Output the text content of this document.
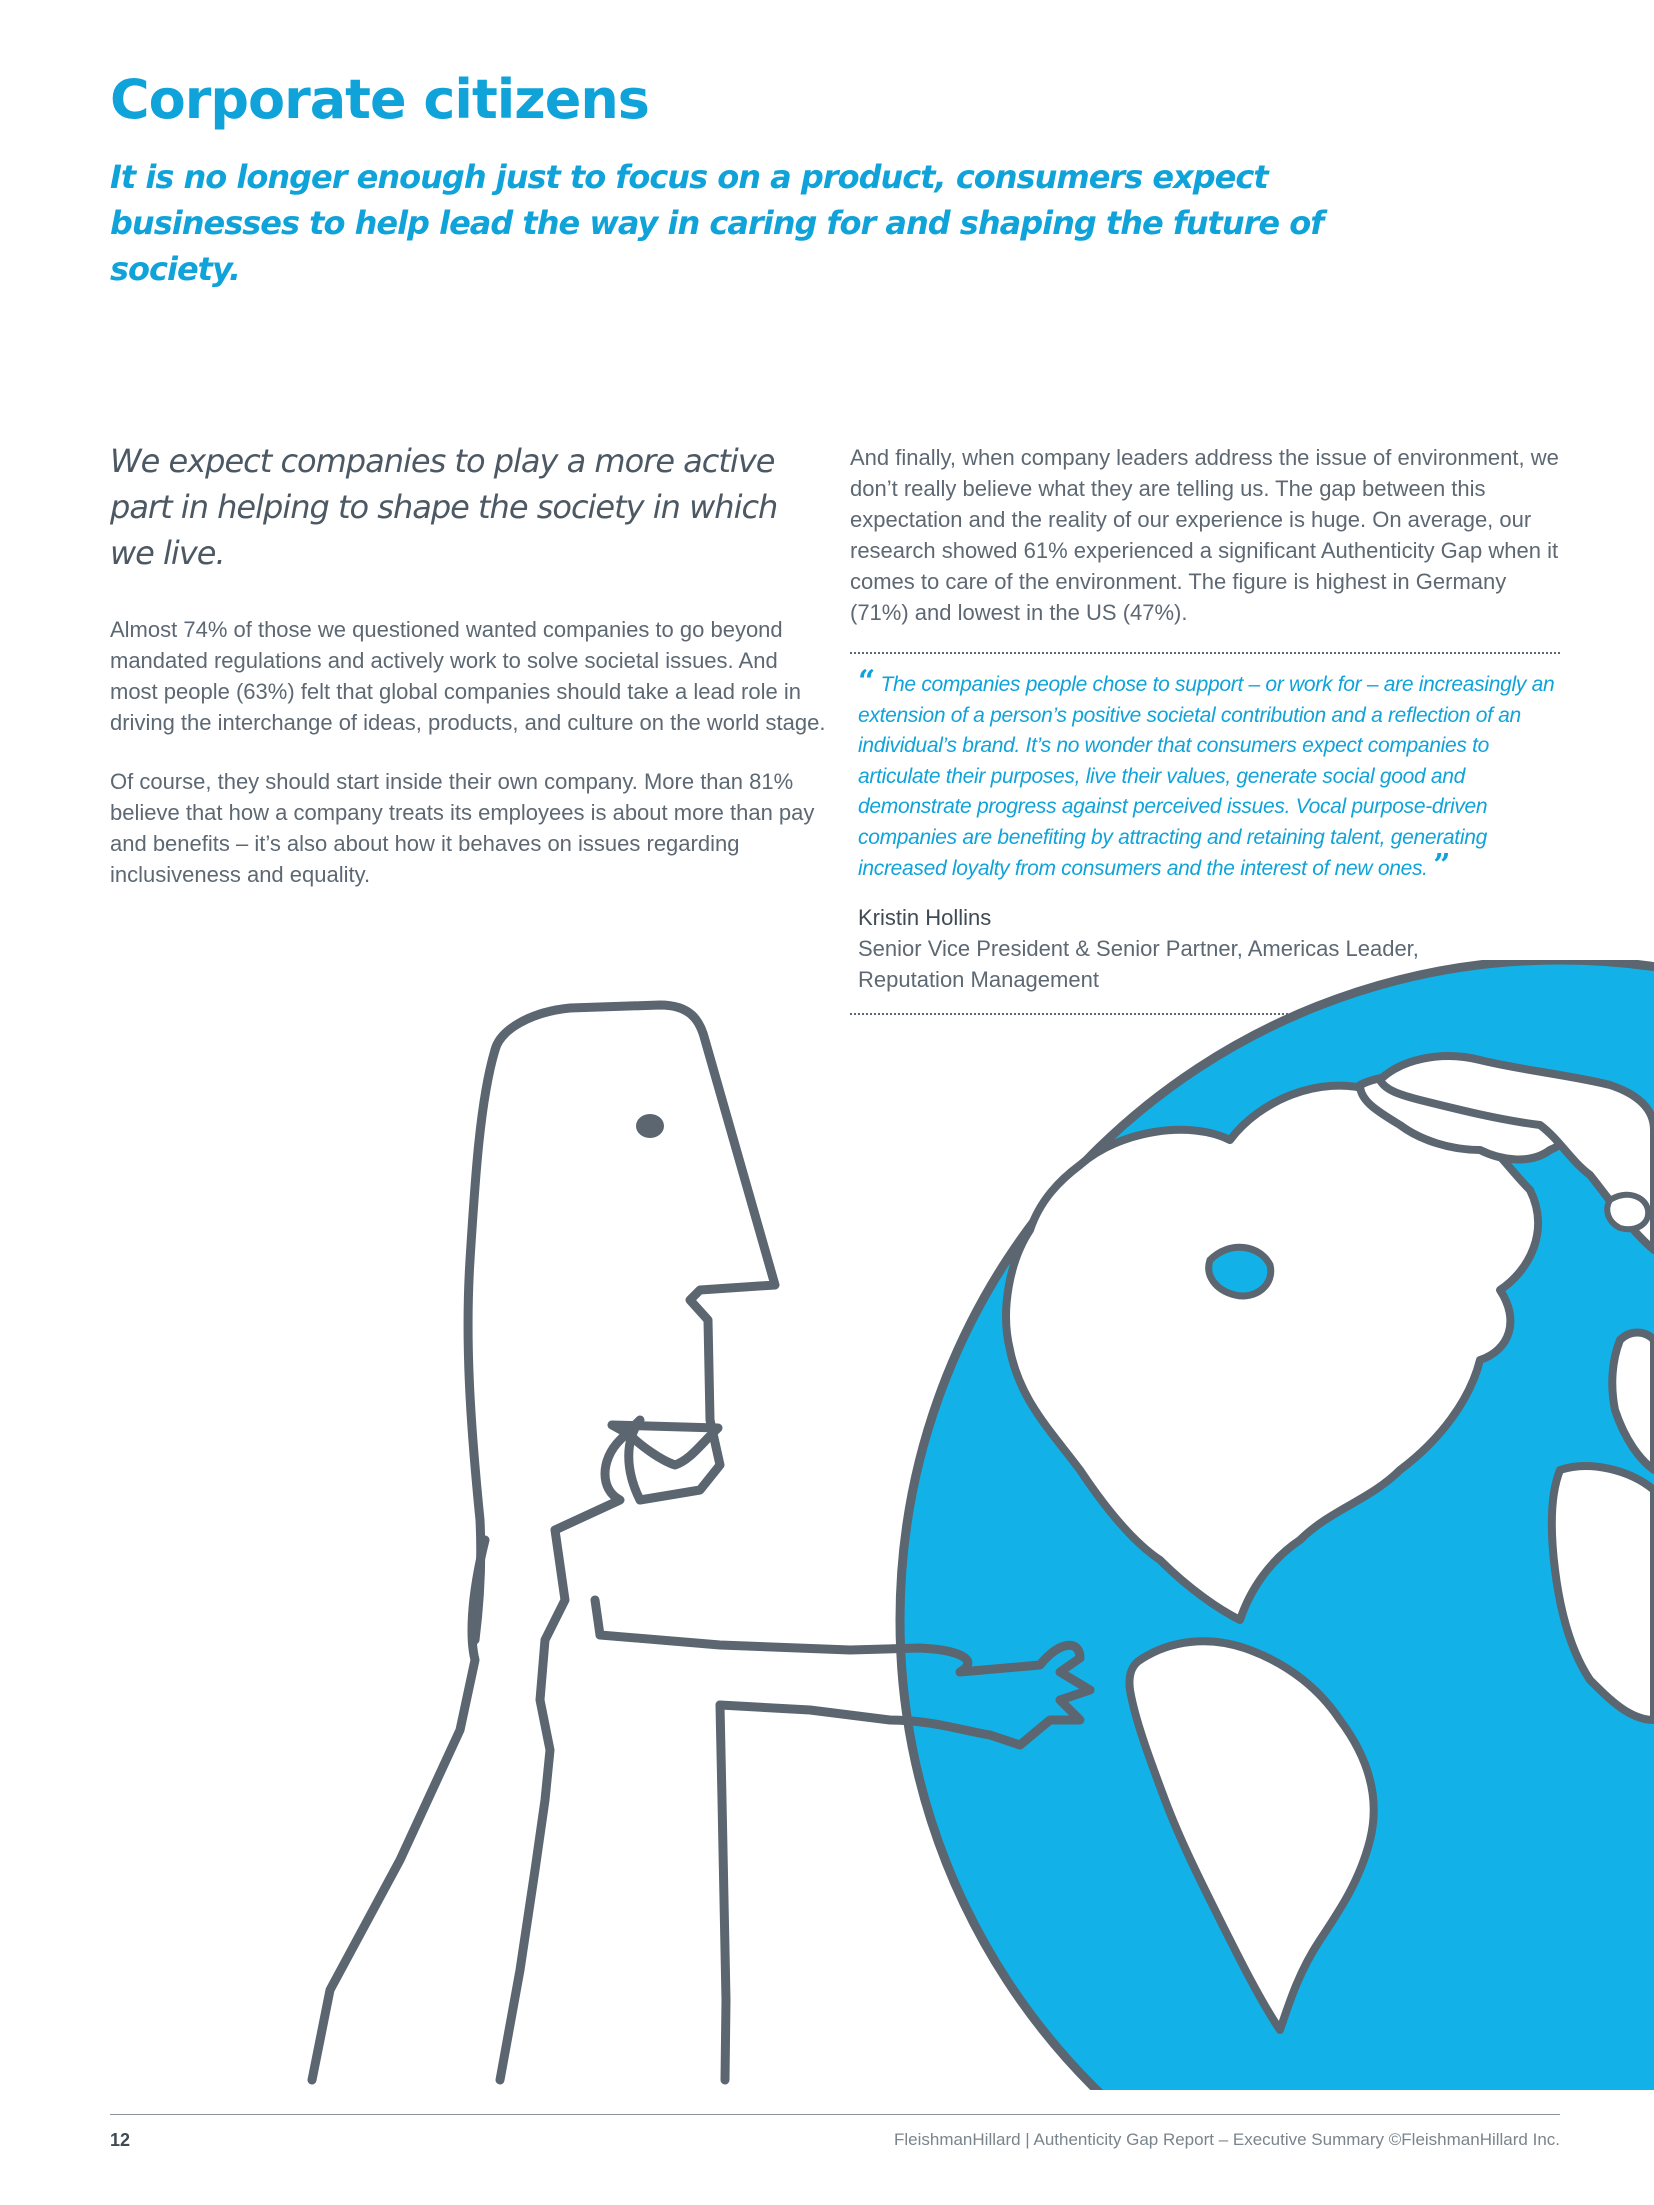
Corporate citizens

It is no longer enough just to focus on a product, consumers expect businesses to help lead the way in caring for and shaping the future of society.

We expect companies to play a more active part in helping to shape the society in which we live.

Almost 74% of those we questioned wanted companies to go beyond mandated regulations and actively work to solve societal issues. And most people (63%) felt that global companies should take a lead role in driving the interchange of ideas, products, and culture on the world stage.

Of course, they should start inside their own company. More than 81% believe that how a company treats its employees is about more than pay and benefits – it’s also about how it behaves on issues regarding inclusiveness and equality.

And finally, when company leaders address the issue of environment, we don’t really believe what they are telling us. The gap between this expectation and the reality of our experience is huge. On average, our research showed 61% experienced a significant Authenticity Gap when it comes to care of the environment. The figure is highest in Germany (71%) and lowest in the US (47%).

“ The companies people chose to support – or work for – are increasingly an extension of a person’s positive societal contribution and a reflection of an individual’s brand. It’s no wonder that consumers expect companies to articulate their purposes, live their values, generate social good and demonstrate progress against perceived issues. Vocal purpose-driven companies are benefiting by attracting and retaining talent, generating increased loyalty from consumers and the interest of new ones. ”

Kristin Hollins

Senior Vice President & Senior Partner, Americas Leader,

Reputation Management

12	FleishmanHillard | Authenticity Gap Report – Executive Summary ©FleishmanHillard Inc.
